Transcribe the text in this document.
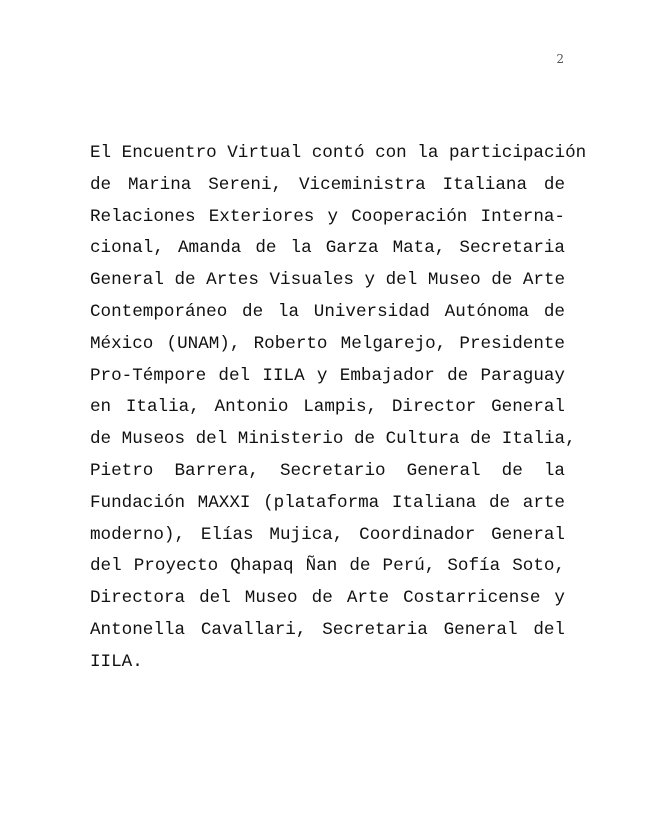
2

El Encuentro Virtual contó con la participación
de Marina Sereni, Viceministra Italiana de
Relaciones Exteriores y Cooperación Interna-
cional, Amanda de la Garza Mata, Secretaria
General de Artes Visuales y del Museo de Arte
Contemporáneo de la Universidad Autónoma de
México (UNAM), Roberto Melgarejo, Presidente
Pro-Témpore del IILA y Embajador de Paraguay
en Italia, Antonio Lampis, Director General
de Museos del Ministerio de Cultura de Italia,
Pietro Barrera, Secretario General de la
Fundación MAXXI (plataforma Italiana de arte
moderno), Elías Mujica, Coordinador General
del Proyecto Qhapaq Ñan de Perú, Sofía Soto,
Directora del Museo de Arte Costarricense y
Antonella Cavallari, Secretaria General del
IILA.
